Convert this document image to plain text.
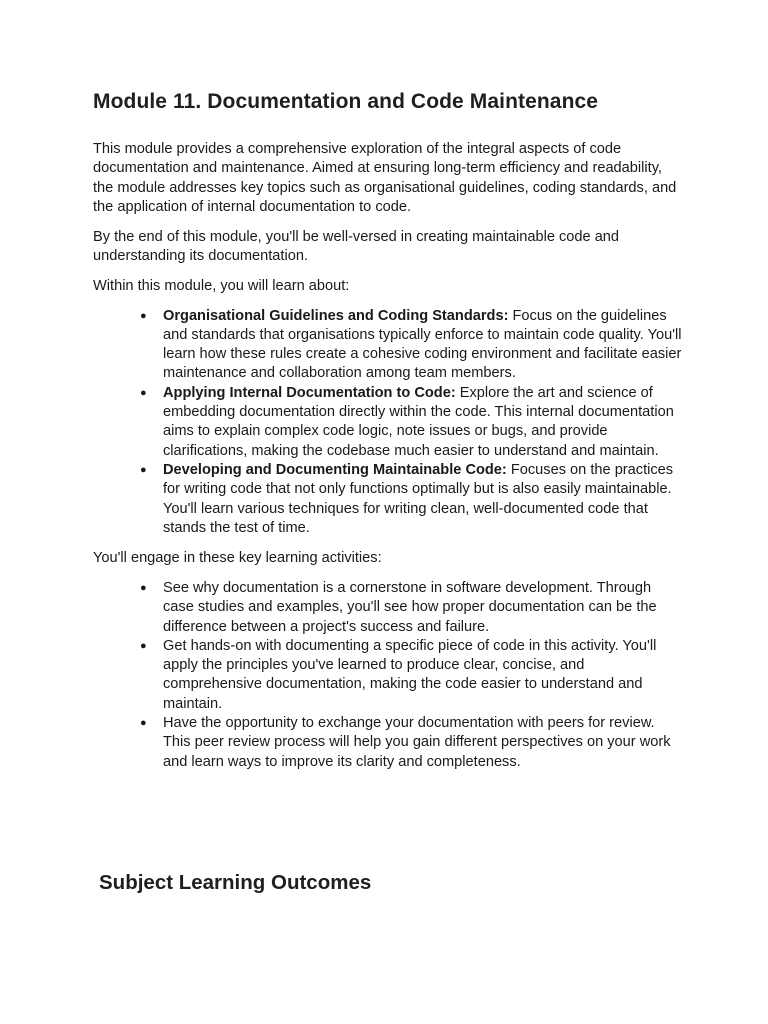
Module 11. Documentation and Code Maintenance

This module provides a comprehensive exploration of the integral aspects of code documentation and maintenance. Aimed at ensuring long-term efficiency and readability, the module addresses key topics such as organisational guidelines, coding standards, and the application of internal documentation to code.

By the end of this module, you'll be well-versed in creating maintainable code and understanding its documentation.

Within this module, you will learn about:

● Organisational Guidelines and Coding Standards: Focus on the guidelines and standards that organisations typically enforce to maintain code quality. You'll learn how these rules create a cohesive coding environment and facilitate easier maintenance and collaboration among team members.
● Applying Internal Documentation to Code: Explore the art and science of embedding documentation directly within the code. This internal documentation aims to explain complex code logic, note issues or bugs, and provide clarifications, making the codebase much easier to understand and maintain.
● Developing and Documenting Maintainable Code: Focuses on the practices for writing code that not only functions optimally but is also easily maintainable. You'll learn various techniques for writing clean, well-documented code that stands the test of time.

You'll engage in these key learning activities:

● See why documentation is a cornerstone in software development. Through case studies and examples, you'll see how proper documentation can be the difference between a project's success and failure.
● Get hands-on with documenting a specific piece of code in this activity. You'll apply the principles you've learned to produce clear, concise, and comprehensive documentation, making the code easier to understand and maintain.
● Have the opportunity to exchange your documentation with peers for review. This peer review process will help you gain different perspectives on your work and learn ways to improve its clarity and completeness.
Subject Learning Outcomes
